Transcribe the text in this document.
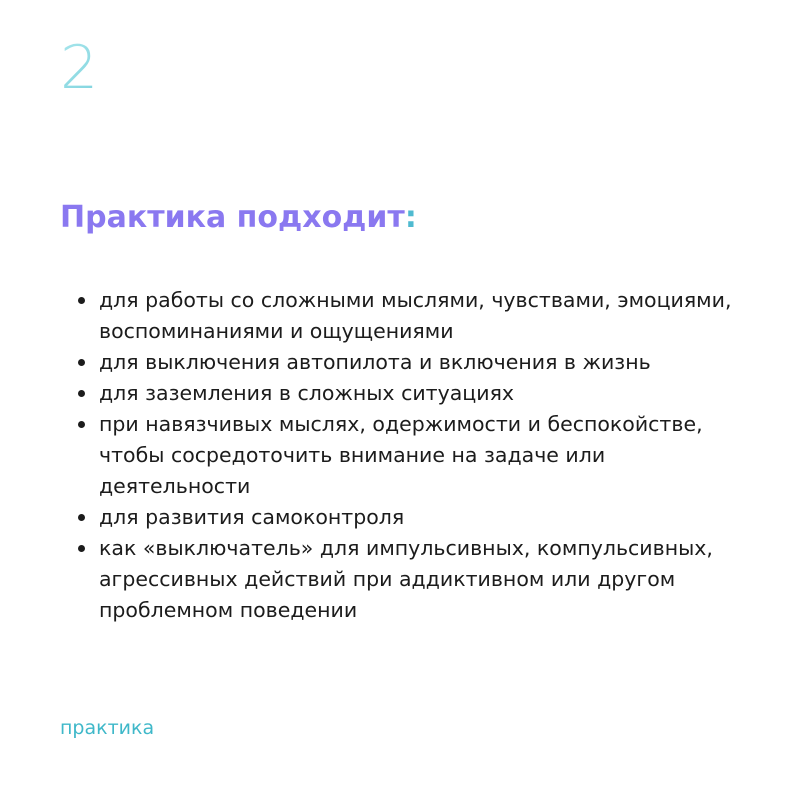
2
Практика подходит:
для работы со сложными мыслями, чувствами, эмоциями, воспоминаниями и ощущениями
для выключения автопилота и включения в жизнь
для заземления в сложных ситуациях
при навязчивых мыслях, одержимости и беспокойстве, чтобы сосредоточить внимание на задаче или деятельности
для развития самоконтроля
как «выключатель» для импульсивных, компульсивных, агрессивных действий при аддиктивном или другом проблемном поведении
практика
